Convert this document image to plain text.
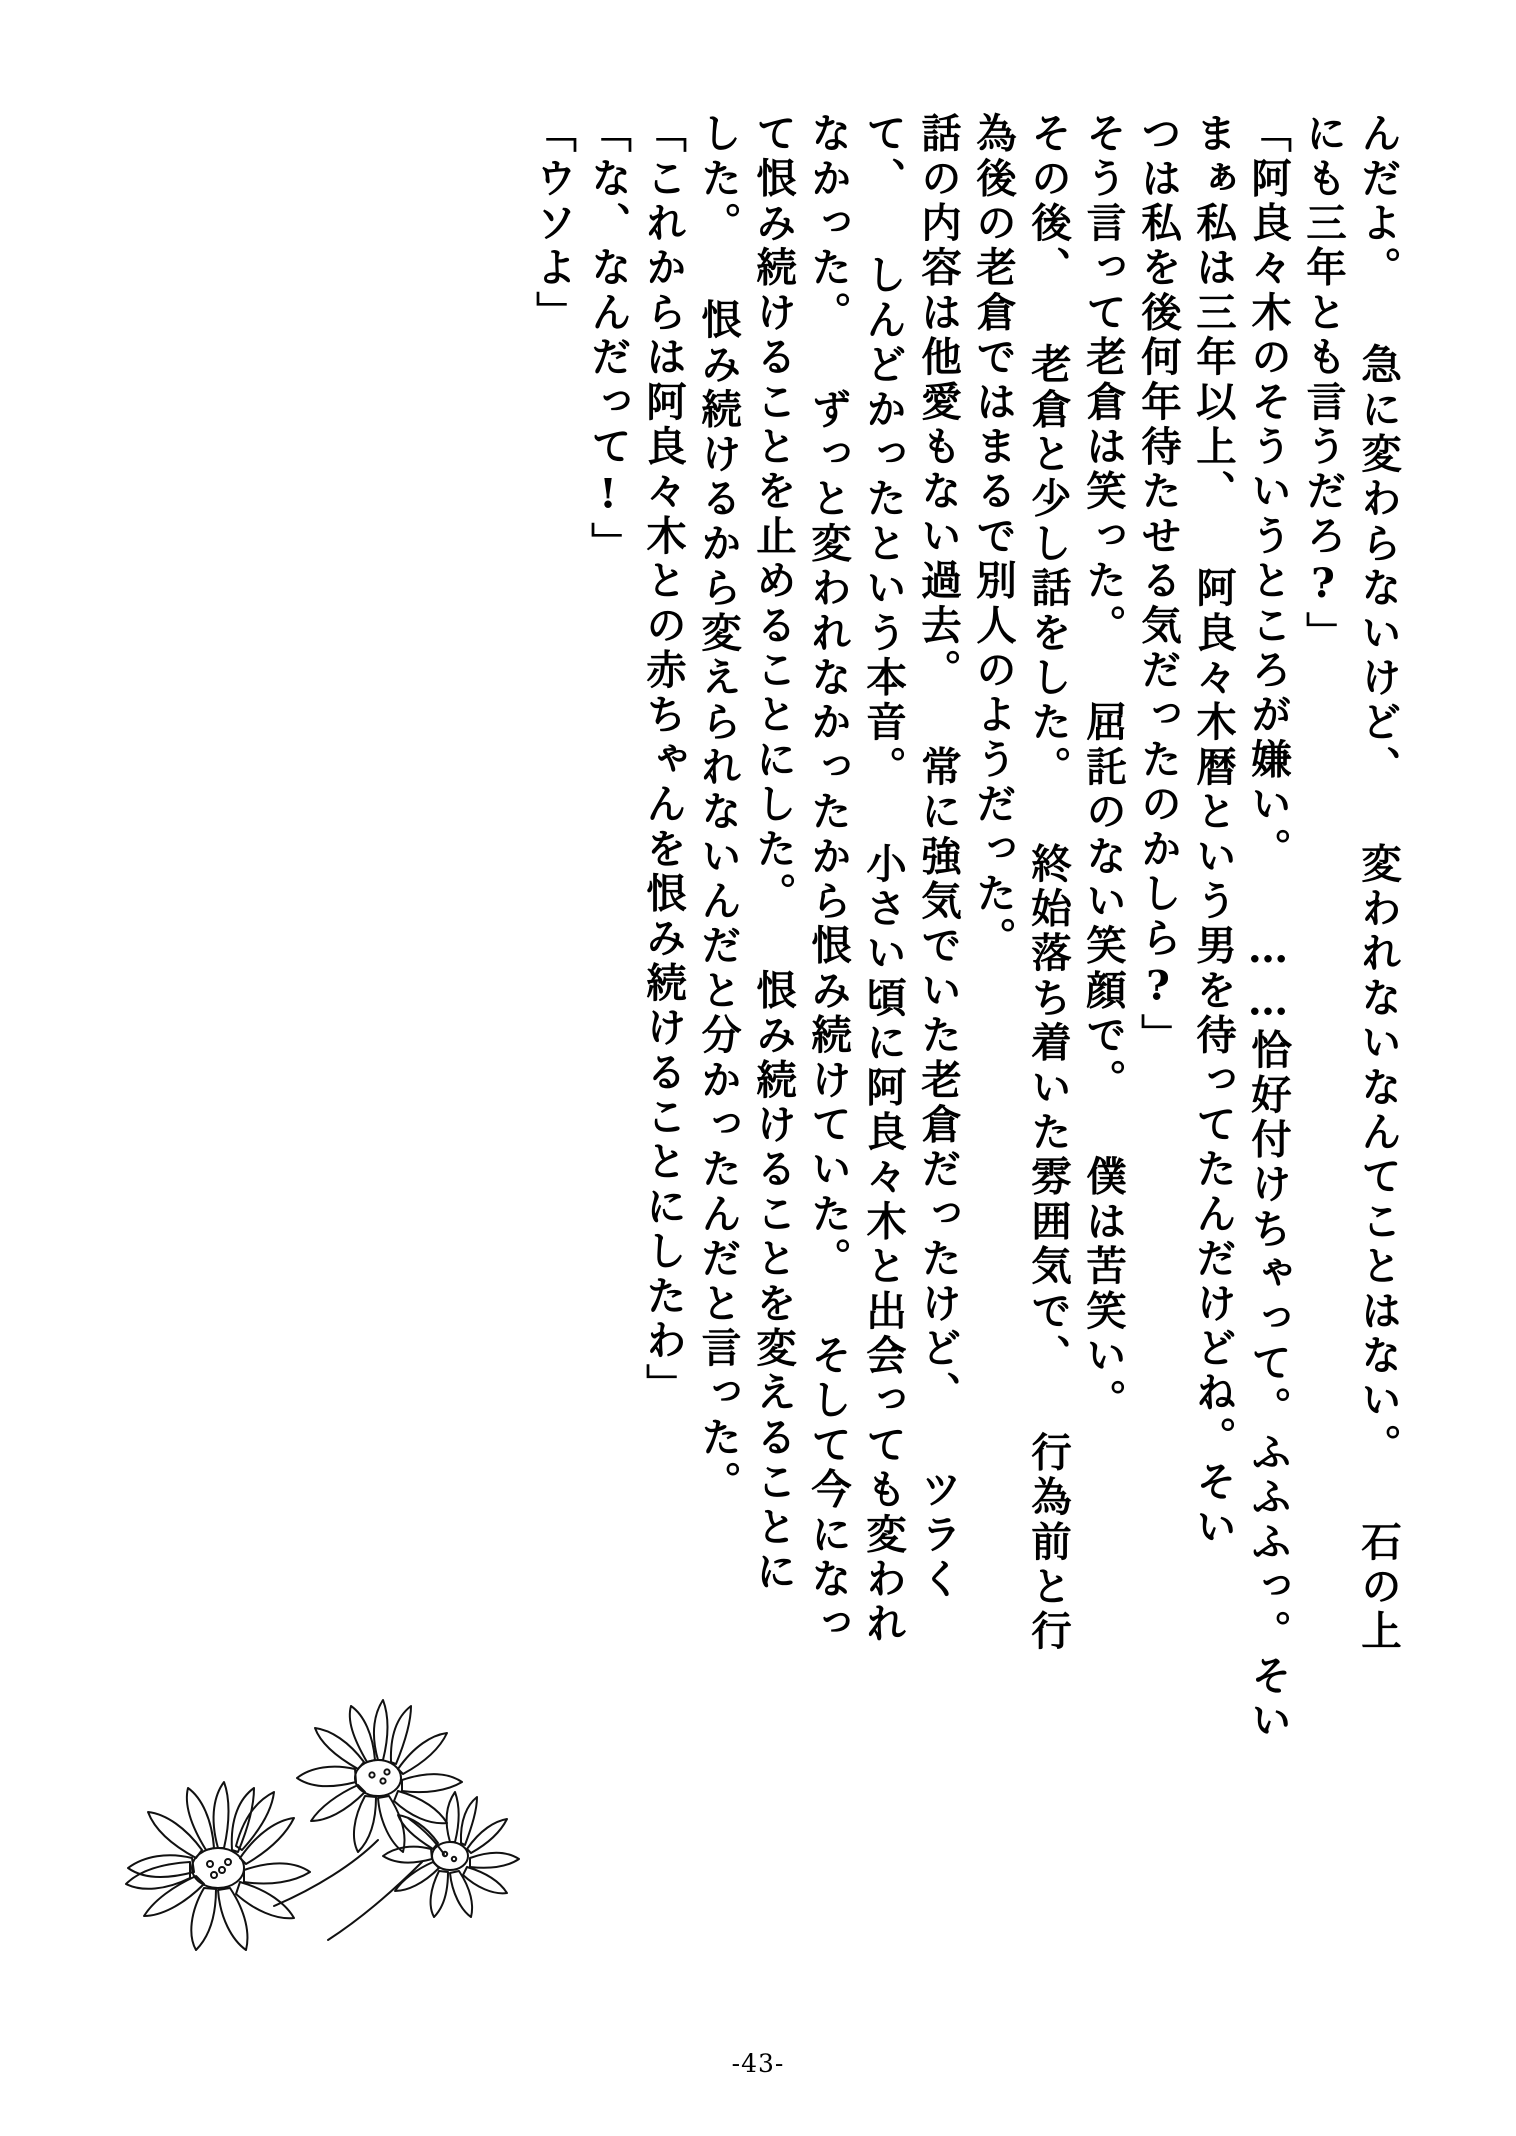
んだよ。 急に変わらないけど、 変われないなんてことはない。 石の上
にも三年とも言うだろ?」
「阿良々木のそういうところが嫌い。 ……恰好付けちゃって。ふふふっ。そい
まぁ私は三年以上、 阿良々木暦という男を待ってたんだけどね。そい
つは私を後何年待たせる気だったのかしら?」
そう言って老倉は笑った。 屈託のない笑顔で。 僕は苦笑い。
その後、 老倉と少し話をした。 終始落ち着いた雰囲気で、 行為前と行
為後の老倉ではまるで別人のようだった。
話の内容は他愛もない過去。 常に強気でいた老倉だったけど、 ツラく
て、 しんどかったという本音。 小さい頃に阿良々木と出会っても変われ
なかった。 ずっと変われなかったから恨み続けていた。 そして今になっ
て恨み続けることを止めることにした。 恨み続けることを変えることに
した。 恨み続けるから変えられないんだと分かったんだと言った。
「これからは阿良々木との赤ちゃんを恨み続けることにしたわ」
「な、なんだって!」
「ウソよ」
-43-
